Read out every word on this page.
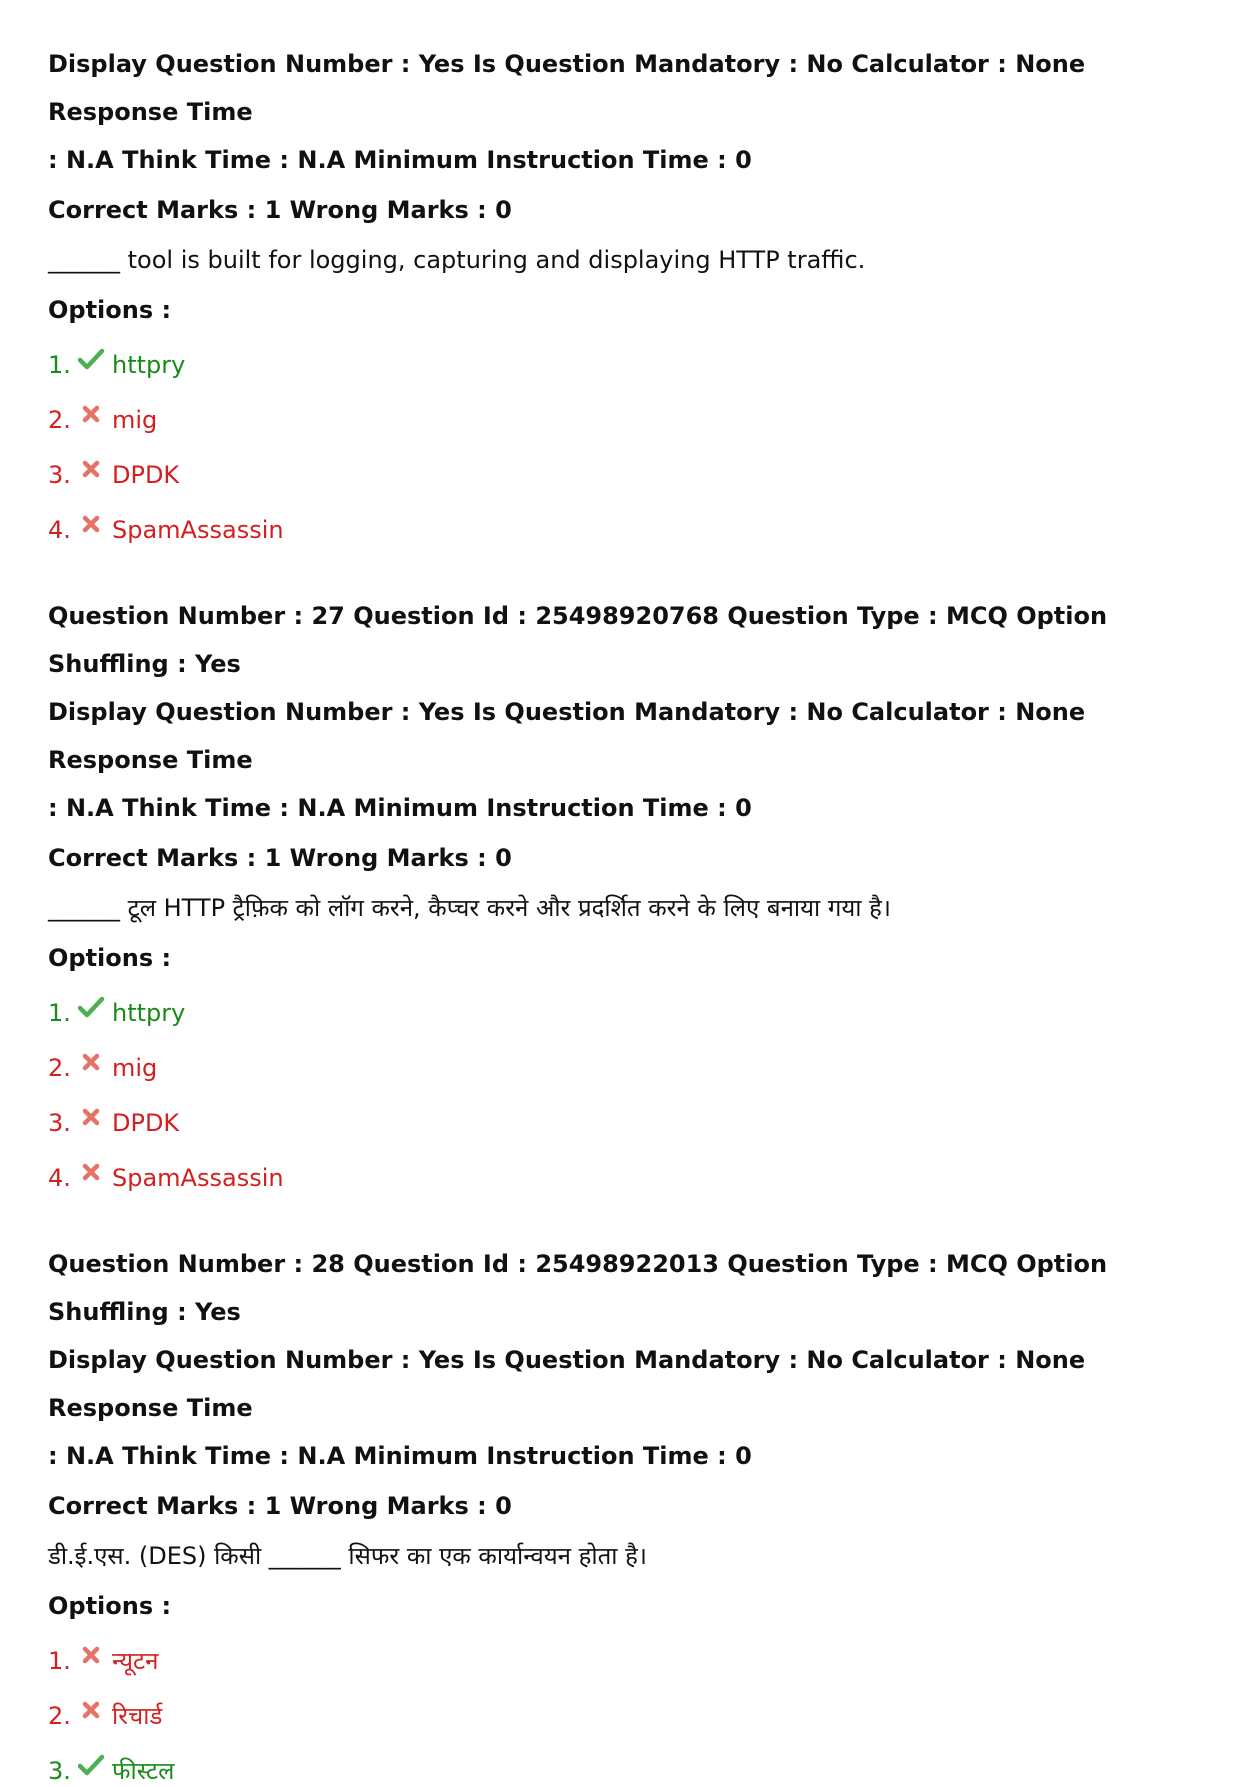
Display Question Number : Yes Is Question Mandatory : No Calculator : None Response Time

: N.A Think Time : N.A Minimum Instruction Time : 0

Correct Marks : 1 Wrong Marks : 0

______ tool is built for logging, capturing and displaying HTTP traffic.

Options :

1. httpry
2. mig
3. DPDK
4. SpamAssassin

Question Number : 27 Question Id : 25498920768 Question Type : MCQ Option Shuffling : Yes

Display Question Number : Yes Is Question Mandatory : No Calculator : None Response Time

: N.A Think Time : N.A Minimum Instruction Time : 0

Correct Marks : 1 Wrong Marks : 0

______ टूल HTTP ट्रैफ़िक को लॉग करने, कैप्चर करने और प्रदर्शित करने के लिए बनाया गया है।

Options :

1. httpry
2. mig
3. DPDK
4. SpamAssassin

Question Number : 28 Question Id : 25498922013 Question Type : MCQ Option Shuffling : Yes

Display Question Number : Yes Is Question Mandatory : No Calculator : None Response Time

: N.A Think Time : N.A Minimum Instruction Time : 0

Correct Marks : 1 Wrong Marks : 0

डी.ई.एस. (DES) किसी ______ सिफर का एक कार्यान्वयन होता है।

Options :

1. न्यूटन
2. रिचार्ड
3. फीस्टल
